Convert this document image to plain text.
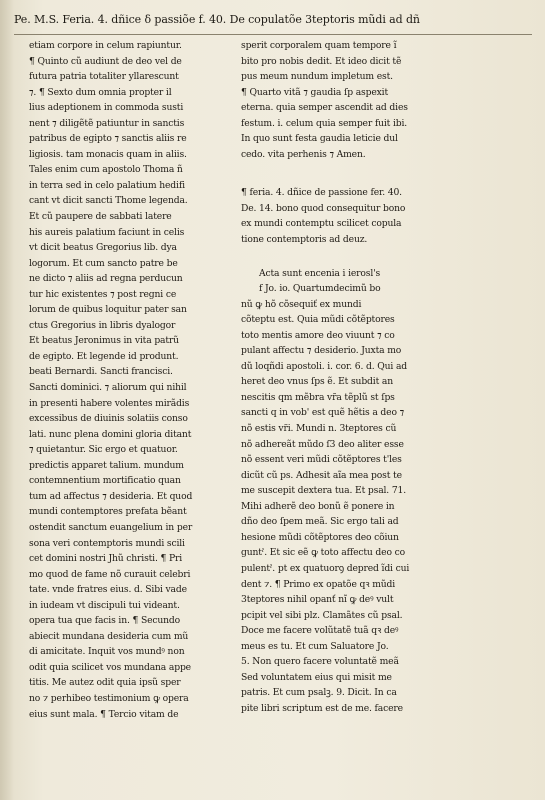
Pe. M.S. Feria. 4. dñice ẟ passiõe f. 40. De copulatõe 3teptoris mũdi ad dñ
etiam corpore in celum rapiuntur.
¶ Quinto cũ audiunt de deo vel de
futura patria totaliter yllarescunt
⁊. ¶ Sexto dum omnia propter il
lius adeptionem in commoda susti
nent ⁊ diligẽtẽ patiuntur in sanctis
patribus de egipto ⁊ sanctis aliis re
ligiosis. tam monacis quam in aliis.
Tales enim cum apostolo Thoma ñ
in terra sed in celo palatium hedifi
cant vt dicit sancti Thome legenda.
Et cũ paupere de sabbati latere
his aureis palatium faciunt in celis
vt dicit beatus Gregorius lib. dya
logorum. Et cum sancto patre be
ne dicto ⁊ aliis ad regna perducun
tur hic existentes ⁊ post regni ce
lorum de quibus loquitur pater san
ctus Gregorius in libris dyalogor
Et beatus Jeronimus in vita patrũ
de egipto. Et legende id produnt.
beati Bernardi. Sancti francisci.
Sancti dominici. ⁊ aliorum qui nihil
in presenti habere volentes mirãdis
excessibus de diuinis solatiis conso
lati. nunc plena domini gloria ditant
⁊ quietantur. Sic ergo et quatuor.
predictis apparet talium. mundum
contemnentium mortificatio quan
tum ad affectus ⁊ desideria. Et quod
mundi contemptores prefata bẽant
ostendit sanctum euangelium in per
sona veri contemptoris mundi scili
cet domini nostri Jhũ christi. ¶ Pri
mo quod de fame nõ curauit celebri
tate. vnde fratres eius. d. Sibi vade
in iudeam vt discipuli tui videant.
opera tua que facis in. ¶ Secundo
abiecit mundana desideria cum mũ
di amicitate. Inquit vos mundꝰ non
odit quia scilicet vos mundana appe
titis. Me autez odit quia ipsũ sper
no ⁊ perhibeo testimonium ꝙ opera
eius sunt mala. ¶ Tercio vitam de
sperit corporalem quam tempore ĩ
bito pro nobis dedit. Et ideo dicit tẽ
pus meum nundum impletum est.
¶ Quarto vitã ⁊ gaudia ſp aspexit
eterna. quia semper ascendit ad dies
festum. i. celum quia semper fuit ibi.
In quo sunt festa gaudia leticie dul
cedo. vita perhenis ⁊ Amen.
¶ feria. 4. dñice de passione fer. 40.
De. 14. bono quod consequitur bono
ex mundi contemptu scilicet copula
tione contemptoris ad deuz.
Acta sunt encenia i ierosl's
f Jo. io. Quartumdecimũ bo
nũ ꝙ hõ cõsequiť ex mundi
cõteptu est. Quia mũdi cõtẽptores
toto mentis amore deo viuunt ⁊ co
pulant affectu ⁊ desiderio. Juxta mo
dũ loqñdi apostoli. i. cor. 6. d. Qui ad
heret deo vnus ſps ẽ. Et subdit an
nescitis qm mẽbra vr̃a tẽplũ st ſps
sancti q in vob' est quẽ hẽtis a deo ⁊
nõ estis vr̃i. Mundi n. 3teptores cũ
nõ adhereãt mũdo ſ3 deo aliter esse
nõ essent veri mũdi cõtẽptores t'les
dicũt cũ ps. Adhesit aĩa mea post te
me suscepit dextera tua. Et psal. 71.
Mihi adherẽ deo bonũ ẽ ponere in
dño deo ſpem meã. Sic ergo tali ad
hesione mũdi cõtẽptores deo cõiun
guntˀ. Et sic eẽ ꝙ toto affectu deo co
pulentˀ. pt ex quatuorꝯ depred ĩdi cui
dent ⁊. ¶ Primo ex opatõe qꝛ mũdi
3teptores nihil opanť nĩ ꝙ deꝰ vult
pcipit vel sibi plz. Clamãtes cũ psal.
Doce me facere volũtatẽ tuã qꝛ deꝰ
meus es tu. Et cum Saluatore Jo.
5. Non quero facere voluntatẽ meã
Sed voluntatem eius qui misit me
patris. Et cum psalꝫ. 9. Dicit. In ca
pite libri scriptum est de me. facere
